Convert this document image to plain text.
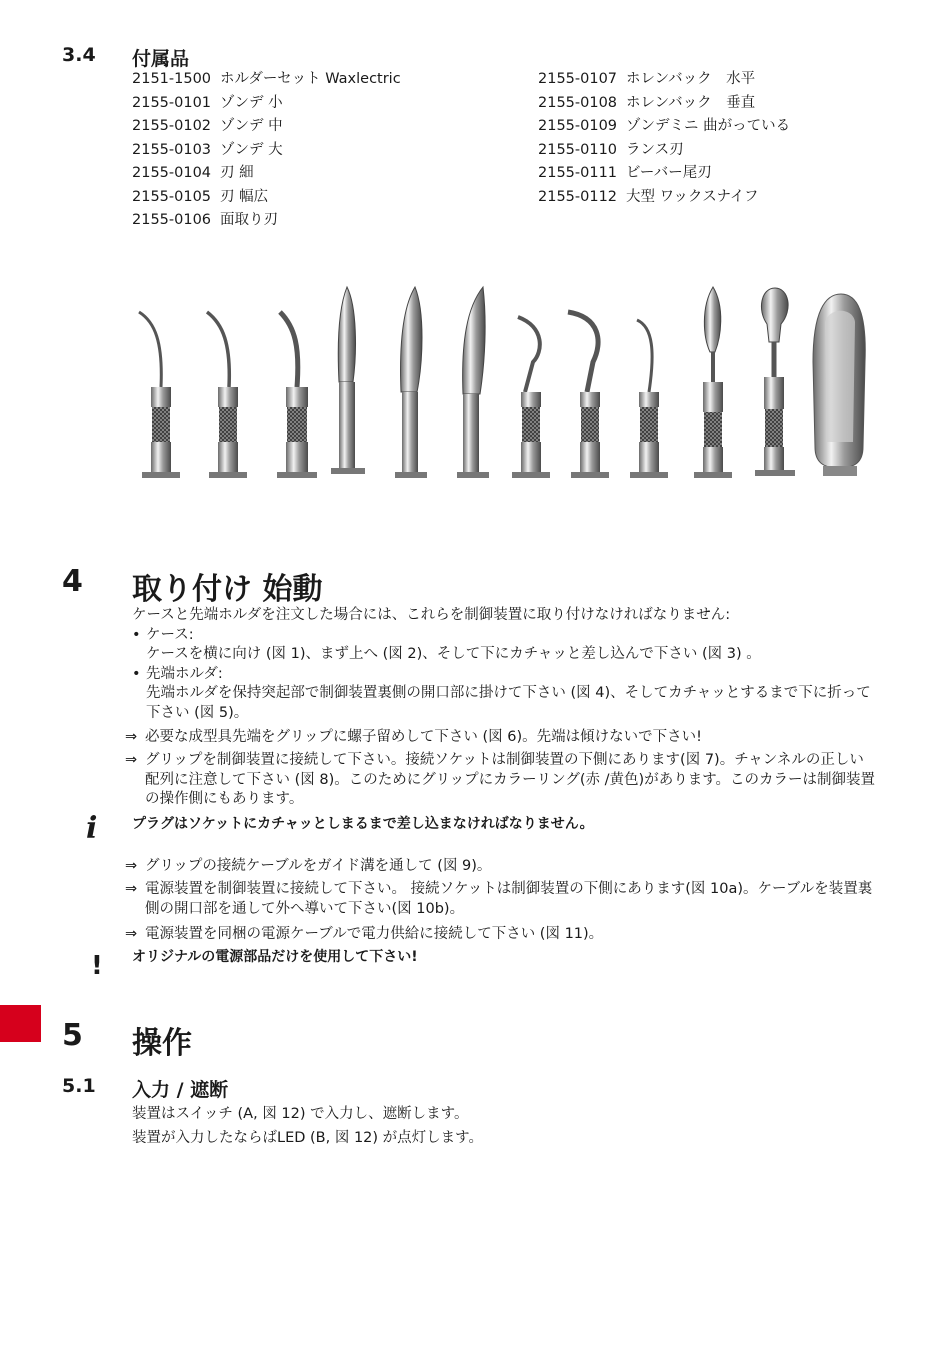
3.4 付属品
2151-1500 ホルダーセット Waxlectric
2155-0101 ゾンデ 小
2155-0102 ゾンデ 中
2155-0103 ゾンデ 大
2155-0104 刃 細
2155-0105 刃 幅広
2155-0106 面取り刃
2155-0107 ホレンバック　水平
2155-0108 ホレンバック　垂直
2155-0109 ゾンデミニ 曲がっている
2155-0110 ランス刃
2155-0111 ビーバー尾刃
2155-0112 大型 ワックスナイフ
4 取り付け 始動

ケースと先端ホルダを注文した場合には、これらを制御装置に取り付けなければなりません:

• ケース:
ケースを横に向け (図 1)、まず上へ (図 2)、そして下にカチャッと差し込んで下さい (図 3) 。
• 先端ホルダ:
先端ホルダを保持突起部で制御装置裏側の開口部に掛けて下さい (図 4)、そしてカチャッとするまで下に折って下さい (図 5)。
⇒ 必要な成型具先端をグリップに螺子留めして下さい (図 6)。先端は傾けないで下さい!
⇒ グリップを制御装置に接続して下さい。接続ソケットは制御装置の下側にあります(図 7)。チャンネルの正しい配列に注意して下さい (図 8)。このためにグリップにカラーリング(赤 /黄色)があります。このカラーは制御装置の操作側にもあります。
i プラグはソケットにカチャッとしまるまで差し込まなければなりません。
⇒ グリップの接続ケーブルをガイド溝を通して (図 9)。
⇒ 電源装置を制御装置に接続して下さい。 接続ソケットは制御装置の下側にあります(図 10a)。ケーブルを装置裏側の開口部を通して外へ導いて下さい(図 10b)。
⇒ 電源装置を同梱の電源ケーブルで電力供給に接続して下さい (図 11)。
! オリジナルの電源部品だけを使用して下さい!
5 操作
5.1 入力 / 遮断
装置はスイッチ (A, 図 12) で入力し、遮断します。
装置が入力したならばLED (B, 図 12) が点灯します。
